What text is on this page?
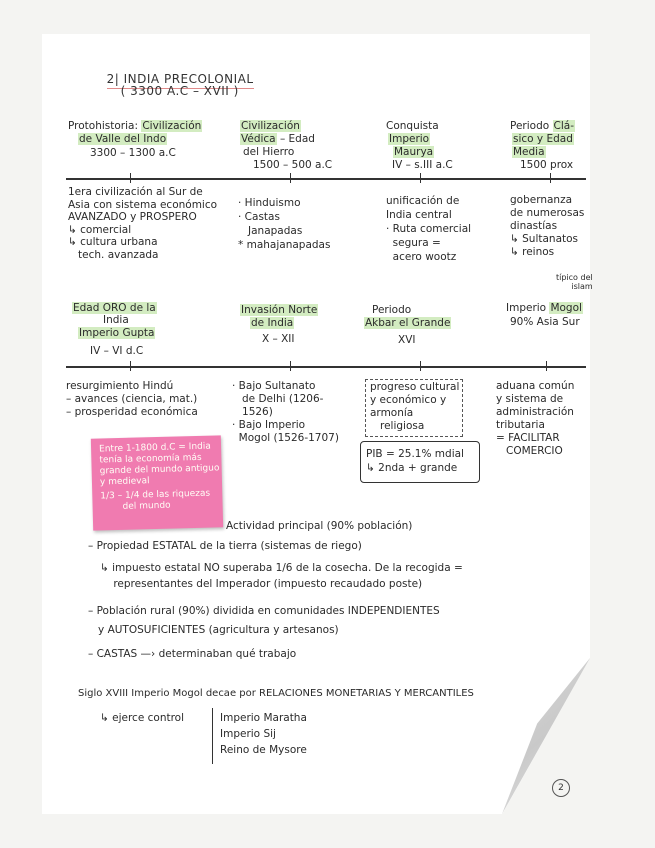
2| INDIA PRECOLONIAL
( 3300 A.C – XVII )

Protohistoria: Civilización
de Valle del Indo
3300 – 1300 a.C
Civilización
Védica – Edad
del Hierro
1500 – 500 a.C
Conquista
Imperio
Maurya
IV – s.III a.C
Periodo Clá-
sico y Edad
Media
1500 prox
1era civilización al Sur de
Asia con sistema económico
AVANZADO y PROSPERO
↳ comercial
↳ cultura urbana
tech. avanzada
· Hinduismo
· Castas
Janapadas
* mahajanapadas
unificación de
India central
· Ruta comercial
segura =
acero wootz
gobernanza
de numerosas
dinastías
↳ Sultanatos
↳ reinos
típico del
islam
Edad ORO de la
India
Imperio Gupta
IV – VI d.C
Invasión Norte
de India
X – XII
Periodo
Akbar el Grande
XVI
Imperio Mogol
90% Asia Sur
resurgimiento Hindú
– avances (ciencia, mat.)
– prosperidad económica
· Bajo Sultanato
de Delhi (1206-
1526)
· Bajo Imperio
Mogol (1526-1707)
progreso cultural
y económico y
armonía
religiosa
PIB = 25.1% mdial
↳ 2nda + grande
aduana común
y sistema de
administración
tributaria
= FACILITAR
COMERCIO
Entre 1-1800 d.C = India
tenía la economía más
grande del mundo antiguo
y medieval
1/3 – 1/4 de las riquezas
del mundo
Actividad principal (90% población)
– Propiedad ESTATAL de la tierra (sistemas de riego)
↳ impuesto estatal NO superaba 1/6 de la cosecha. De la recogida =
representantes del Imperador (impuesto recaudado poste)
– Población rural (90%) dividida en comunidades INDEPENDIENTES
y AUTOSUFICIENTES (agricultura y artesanos)
– CASTAS —› determinaban qué trabajo
Siglo XVIII Imperio Mogol decae por RELACIONES MONETARIAS Y MERCANTILES
↳ ejerce control	Imperio Maratha
Imperio Sij
Reino de Mysore
2
